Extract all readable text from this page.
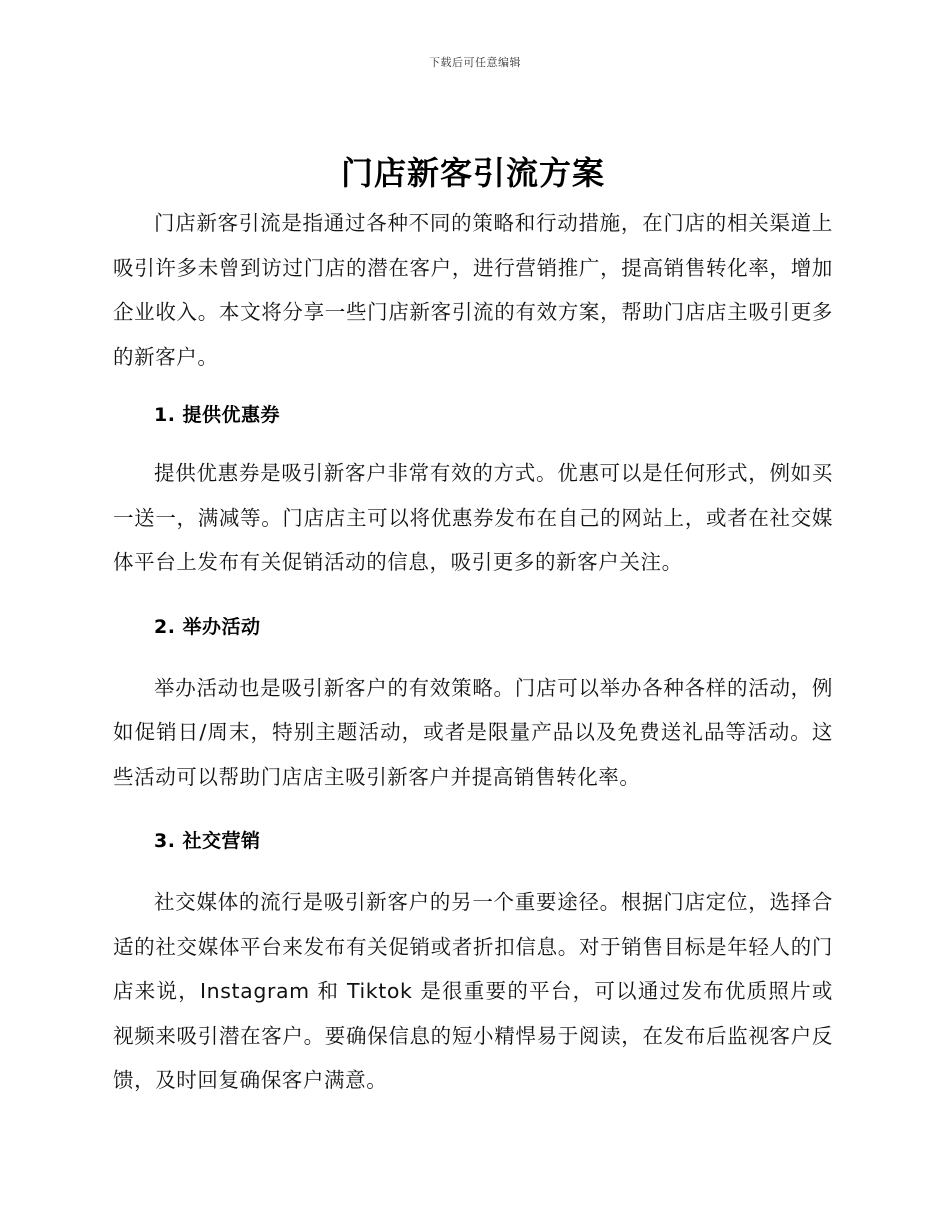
下载后可任意编辑
门店新客引流方案

门店新客引流是指通过各种不同的策略和行动措施，在门店的相关渠道上吸引许多未曾到访过门店的潜在客户，进行营销推广，提高销售转化率，增加企业收入。本文将分享一些门店新客引流的有效方案，帮助门店店主吸引更多的新客户。

1. 提供优惠券

提供优惠券是吸引新客户非常有效的方式。优惠可以是任何形式，例如买一送一，满减等。门店店主可以将优惠券发布在自己的网站上，或者在社交媒体平台上发布有关促销活动的信息，吸引更多的新客户关注。

2. 举办活动

举办活动也是吸引新客户的有效策略。门店可以举办各种各样的活动，例如促销日/周末，特别主题活动，或者是限量产品以及免费送礼品等活动。这些活动可以帮助门店店主吸引新客户并提高销售转化率。

3. 社交营销

社交媒体的流行是吸引新客户的另一个重要途径。根据门店定位，选择合适的社交媒体平台来发布有关促销或者折扣信息。对于销售目标是年轻人的门店来说，Instagram 和 Tiktok 是很重要的平台，可以通过发布优质照片或视频来吸引潜在客户。要确保信息的短小精悍易于阅读，在发布后监视客户反馈，及时回复确保客户满意。
